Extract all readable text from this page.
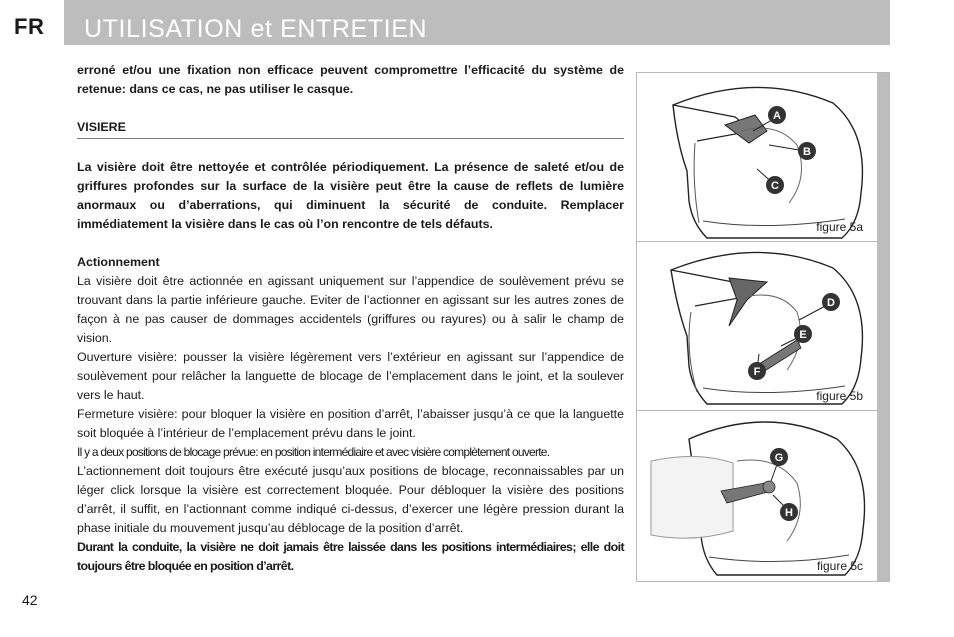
FR UTILISATION et ENTRETIEN

erroné et/ou une fixation non efficace peuvent compromettre l’efficacité du système de retenue: dans ce cas, ne pas utiliser le casque.

VISIERE

La visière doit être nettoyée et contrôlée périodiquement. La présence de saleté et/ou de griffures profondes sur la surface de la visière peut être la cause de reflets de lumière anormaux ou d’aberrations, qui diminuent la sécurité de conduite. Remplacer immédiatement la visière dans le cas où l’on rencontre de tels défauts.

Actionnement

La visière doit être actionnée en agissant uniquement sur l’appendice de soulèvement prévu se trouvant dans la partie inférieure gauche. Eviter de l’actionner en agissant sur les autres zones de façon à ne pas causer de dommages accidentels (griffures ou rayures) ou à salir le champ de vision.

Ouverture visière: pousser la visière légèrement vers l’extérieur en agissant sur l’appendice de soulèvement pour relâcher la languette de blocage de l’emplacement dans le joint, et la soulever vers le haut.

Fermeture visière: pour bloquer la visière en position d’arrêt, l’abaisser jusqu’à ce que la languette soit bloquée à l’intérieur de l’emplacement prévu dans le joint.

Il y a deux positions de blocage prévue: en position intermédiaire et avec visière complètement ouverte.

L’actionnement doit toujours être exécuté jusqu’aux positions de blocage, reconnaissables par un léger click lorsque la visière est correctement bloquée. Pour débloquer la visière des positions d’arrêt, il suffit, en l’actionnant comme indiqué ci-dessus, d’exercer une légère pression durant la phase initiale du mouvement jusqu’au déblocage de la position d’arrêt.

Durant la conduite, la visière ne doit jamais être laissée dans les positions intermédiaires; elle doit toujours être bloquée en position d’arrêt.

A
B
C
figure 5a
D
E
F
figure 5b
G
H
figure 5c
42
